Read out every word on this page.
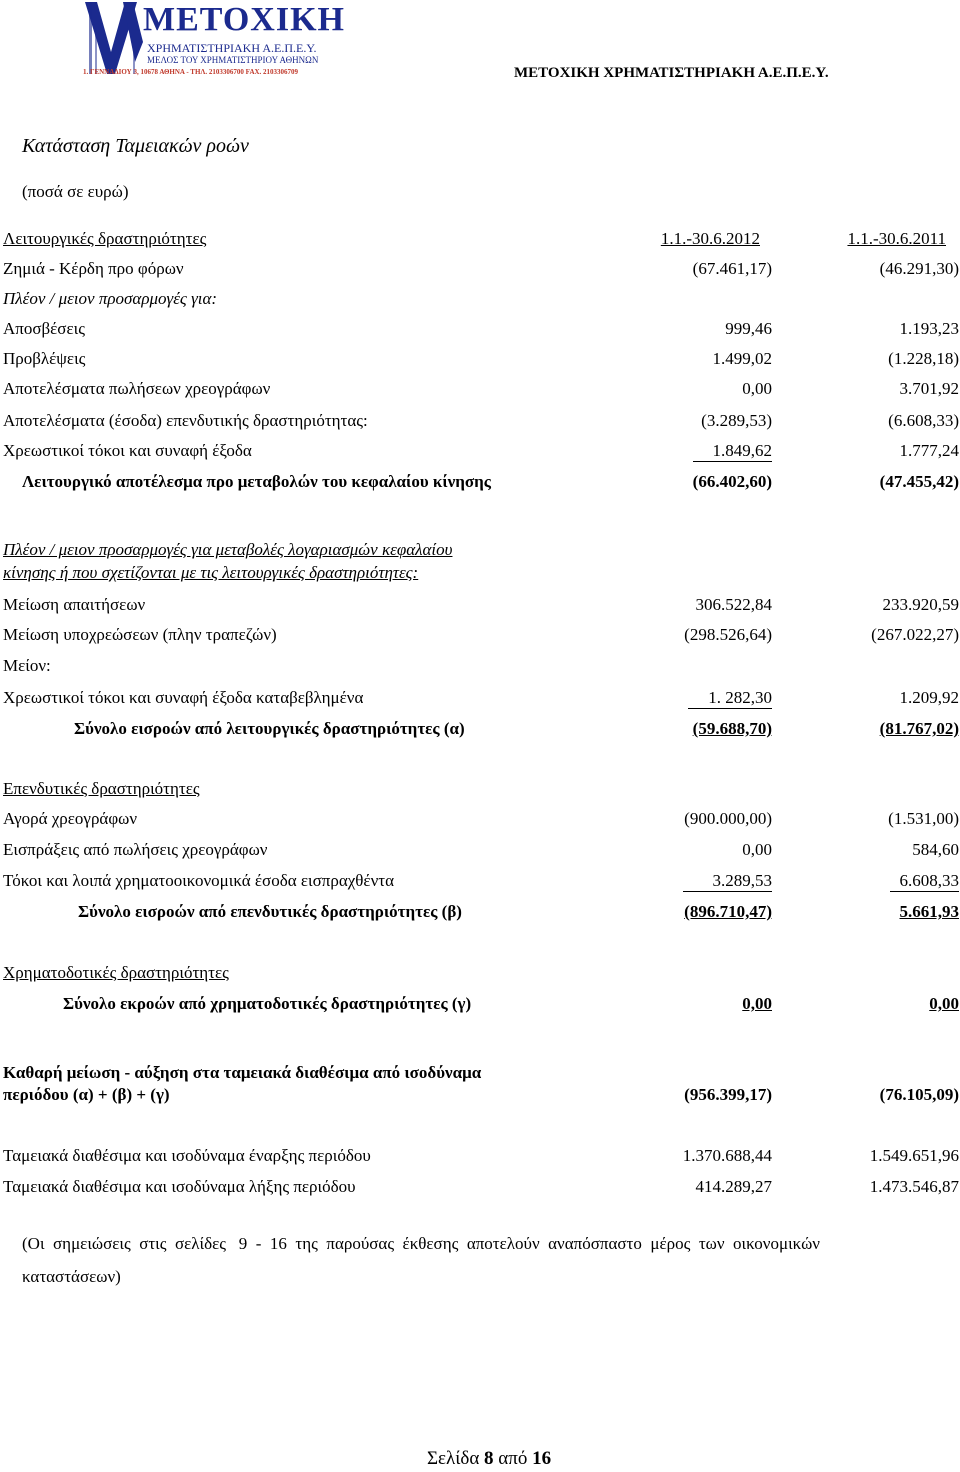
ΜΕΤΟΧΙΚΗ
ΧΡΗΜΑΤΙΣΤΗΡΙΑΚΗ Α.Ε.Π.Ε.Υ.
ΜΕΛΟΣ ΤΟΥ ΧΡΗΜΑΤΙΣΤΗΡΙΟΥ ΑΘΗΝΩΝ
1. ΓΕΝΝΑΔΙΟΥ 3, 10678 ΑΘΗΝΑ - ΤΗΛ. 2103306700 FAX. 2103306709	ΜΕΤΟΧΙΚΗ ΧΡΗΜΑΤΙΣΤΗΡΙΑΚΗ Α.Ε.Π.Ε.Υ.
Κατάσταση Ταμειακών ροών
(ποσά σε ευρώ)
Λειτουργικές δραστηριότητες	1.1.-30.6.2012	1.1.-30.6.2011
Ζημιά - Κέρδη προ φόρων	(67.461,17)	(46.291,30)
Πλέον / μειον προσαρμογές για:
Αποσβέσεις	999,46	1.193,23
Προβλέψεις	1.499,02	(1.228,18)
Αποτελέσματα πωλήσεων χρεογράφων	0,00	3.701,92
Αποτελέσματα (έσοδα) επενδυτικής δραστηριότητας:	(3.289,53)	(6.608,33)
Χρεωστικοί τόκοι και συναφή έξοδα	1.849,62	1.777,24
Λειτουργικό αποτέλεσμα προ μεταβολών του κεφαλαίου κίνησης	(66.402,60)	(47.455,42)
Πλέον / μειον προσαρμογές για μεταβολές λογαριασμών κεφαλαίου
κίνησης ή που σχετίζονται με τις λειτουργικές δραστηριότητες:
Μείωση απαιτήσεων	306.522,84	233.920,59
Μείωση υποχρεώσεων (πλην τραπεζών)	(298.526,64)	(267.022,27)
Μείον:
Χρεωστικοί τόκοι και συναφή έξοδα καταβεβλημένα	1. 282,30	1.209,92
Σύνολο εισροών από λειτουργικές δραστηριότητες (α)	(59.688,70)	(81.767,02)
Επενδυτικές δραστηριότητες
Αγορά χρεογράφων	(900.000,00)	(1.531,00)
Εισπράξεις από πωλήσεις χρεογράφων	0,00	584,60
Τόκοι και λοιπά χρηματοοικονομικά έσοδα εισπραχθέντα	3.289,53	6.608,33
Σύνολο εισροών από επενδυτικές δραστηριότητες (β)	(896.710,47)	5.661,93
Χρηματοδοτικές δραστηριότητες
Σύνολο εκροών από χρηματοδοτικές δραστηριότητες (γ)	0,00	0,00
Καθαρή μείωση - αύξηση στα ταμειακά διαθέσιμα από ισοδύναμα
περιόδου (α) + (β) + (γ)	(956.399,17)	(76.105,09)
Ταμειακά διαθέσιμα και ισοδύναμα έναρξης περιόδου	1.370.688,44	1.549.651,96
Ταμειακά διαθέσιμα και ισοδύναμα λήξης περιόδου	414.289,27	1.473.546,87
(Οι  σημειώσεις  στις  σελίδες   9  -  16  της  παρούσας  έκθεσης  αποτελούν  αναπόσπαστο  μέρος  των  οικονομικών
καταστάσεων)
Σελίδα 8 από 16
